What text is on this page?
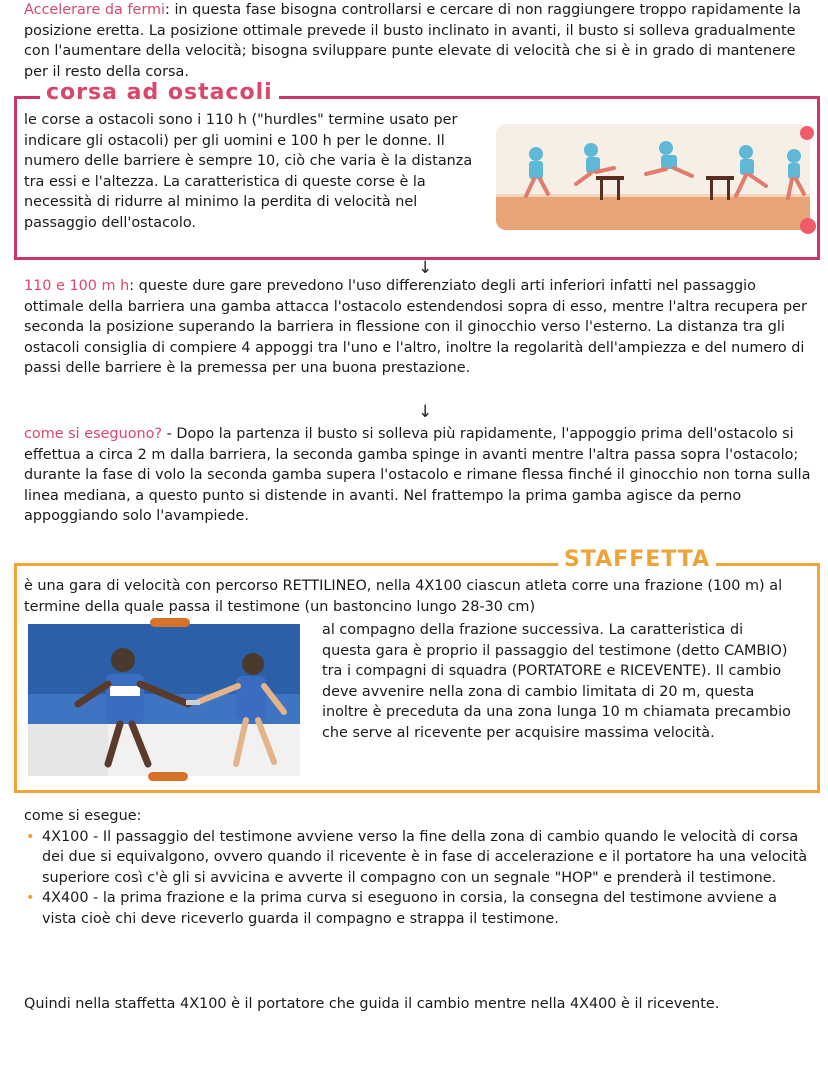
Accelerare da fermi: in questa fase bisogna controllarsi e cercare di non raggiungere troppo rapidamente la posizione eretta. La posizione ottimale prevede il busto inclinato in avanti, il busto si solleva gradualmente con l'aumentare della velocità; bisogna sviluppare punte elevate di velocità che si è in grado di mantenere per il resto della corsa.

corsa ad ostacoli

le corse a ostacoli sono i 110 h ("hurdles" termine usato per indicare gli ostacoli) per gli uomini e 100 h per le donne. Il numero delle barriere è sempre 10, ciò che varia è la distanza tra essi e l'altezza. La caratteristica di queste corse è la necessità di ridurre al minimo la perdita di velocità nel passaggio dell'ostacolo.

↓

110 e 100 m h: queste dure gare prevedono l'uso differenziato degli arti inferiori infatti nel passaggio ottimale della barriera una gamba attacca l'ostacolo estendendosi sopra di esso, mentre l'altra recupera per seconda la posizione superando la barriera in flessione con il ginocchio verso l'esterno. La distanza tra gli ostacoli consiglia di compiere 4 appoggi tra l'uno e l'altro, inoltre la regolarità dell'ampiezza e del numero di passi delle barriere è la premessa per una buona prestazione.

↓

come si eseguono? - Dopo la partenza il busto si solleva più rapidamente, l'appoggio prima dell'ostacolo si effettua a circa 2 m dalla barriera, la seconda gamba spinge in avanti mentre l'altra passa sopra l'ostacolo; durante la fase di volo la seconda gamba supera l'ostacolo e rimane flessa finché il ginocchio non torna sulla linea mediana, a questo punto si distende in avanti. Nel frattempo la prima gamba agisce da perno appoggiando solo l'avampiede.

STAFFETTA

è una gara di velocità con percorso RETTILINEO, nella 4X100 ciascun atleta corre una frazione (100 m) al termine della quale passa il testimone (un bastoncino lungo 28-30 cm)

al compagno della frazione successiva. La caratteristica di questa gara è proprio il passaggio del testimone (detto CAMBIO) tra i compagni di squadra (PORTATORE e RICEVENTE). Il cambio deve avvenire nella zona di cambio limitata di 20 m, questa inoltre è preceduta da una zona lunga 10 m chiamata precambio che serve al ricevente per acquisire massima velocità.

come si esegue:

• 4X100 - Il passaggio del testimone avviene verso la fine della zona di cambio quando le velocità di corsa dei due si equivalgono, ovvero quando il ricevente è in fase di accelerazione e il portatore ha una velocità superiore così c'è gli si avvicina e avverte il compagno con un segnale "HOP" e prenderà il testimone.
• 4X400 - la prima frazione e la prima curva si eseguono in corsia, la consegna del testimone avviene a vista cioè chi deve riceverlo guarda il compagno e strappa il testimone.

Quindi nella staffetta 4X100 è il portatore che guida il cambio mentre nella 4X400 è il ricevente.
